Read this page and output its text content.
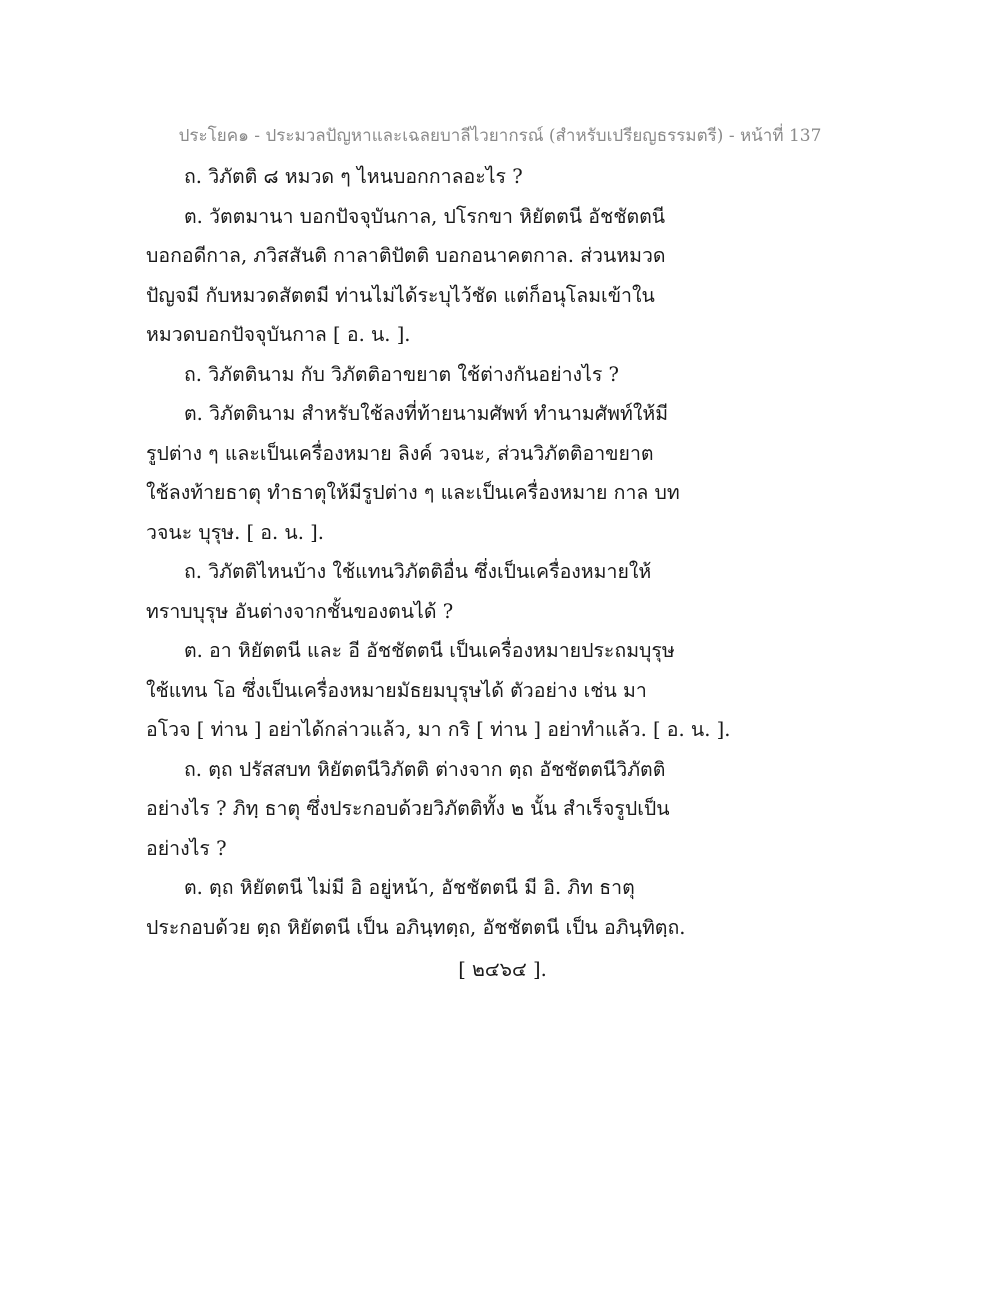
ประโยค๑ - ประมวลปัญหาและเฉลยบาลีไวยากรณ์ (สำหรับเปรียญธรรมตรี) - หน้าที่ 137
ถ. วิภัตติ ๘ หมวด ๆ ไหนบอกกาลอะไร ?
ต. วัตตมานา บอกปัจจุบันกาล, ปโรกขา หิยัตตนี อัชชัตตนี
บอกอดีกาล, ภวิสสันติ กาลาติปัตติ บอกอนาคตกาล. ส่วนหมวด
ปัญจมี กับหมวดสัตตมี ท่านไม่ได้ระบุไว้ชัด แต่ก็อนุโลมเข้าใน
หมวดบอกปัจจุบันกาล [ อ. น. ].
ถ. วิภัตตินาม กับ วิภัตติอาขยาต ใช้ต่างกันอย่างไร ?
ต. วิภัตตินาม สำหรับใช้ลงที่ท้ายนามศัพท์ ทำนามศัพท์ให้มี
รูปต่าง ๆ และเป็นเครื่องหมาย ลิงค์ วจนะ, ส่วนวิภัตติอาขยาต
ใช้ลงท้ายธาตุ ทำธาตุให้มีรูปต่าง ๆ และเป็นเครื่องหมาย กาล บท
วจนะ บุรุษ. [ อ. น. ].
ถ. วิภัตติไหนบ้าง ใช้แทนวิภัตติอื่น ซึ่งเป็นเครื่องหมายให้
ทราบบุรุษ อันต่างจากชั้นของตนได้ ?
ต. อา หิยัตตนี และ อี อัชชัตตนี เป็นเครื่องหมายประถมบุรุษ
ใช้แทน โอ ซึ่งเป็นเครื่องหมายมัธยมบุรุษได้ ตัวอย่าง เช่น มา
อโวจ [ ท่าน ] อย่าได้กล่าวแล้ว, มา กริ [ ท่าน ] อย่าทำแล้ว. [ อ. น. ].
ถ. ตฺถ ปรัสสบท หิยัตตนีวิภัตติ ต่างจาก ตฺถ อัชชัตตนีวิภัตติ
อย่างไร ? ภิทฺ ธาตุ ซึ่งประกอบด้วยวิภัตติทั้ง ๒ นั้น สำเร็จรูปเป็น
อย่างไร ?
ต. ตฺถ หิยัตตนี ไม่มี อิ อยู่หน้า, อัชชัตตนี มี อิ. ภิท ธาตุ
ประกอบด้วย ตฺถ หิยัตตนี เป็น อภินฺทตฺถ, อัชชัตตนี เป็น อภินฺทิตฺถ.
[ ๒๔๖๔ ].
